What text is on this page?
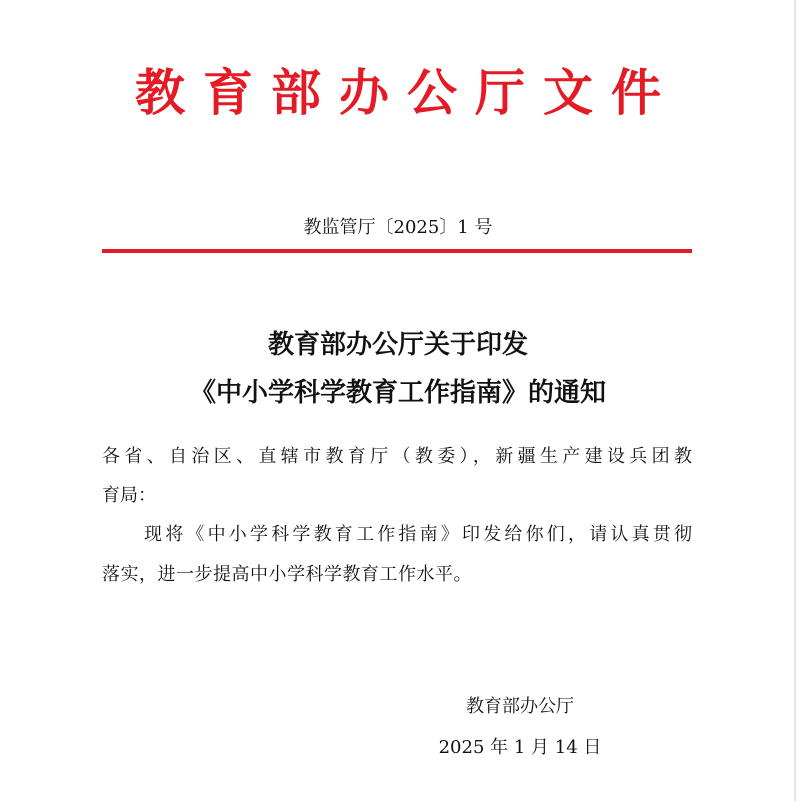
教育部办公厅文件
教监管厅〔2025〕1 号
教育部办公厅关于印发
《中小学科学教育工作指南》的通知
各省、自治区、直辖市教育厅（教委），新疆生产建设兵团教
育局：
现将《中小学科学教育工作指南》印发给你们，请认真贯彻
落实，进一步提高中小学科学教育工作水平。
教育部办公厅
2025 年 1 月 14 日
